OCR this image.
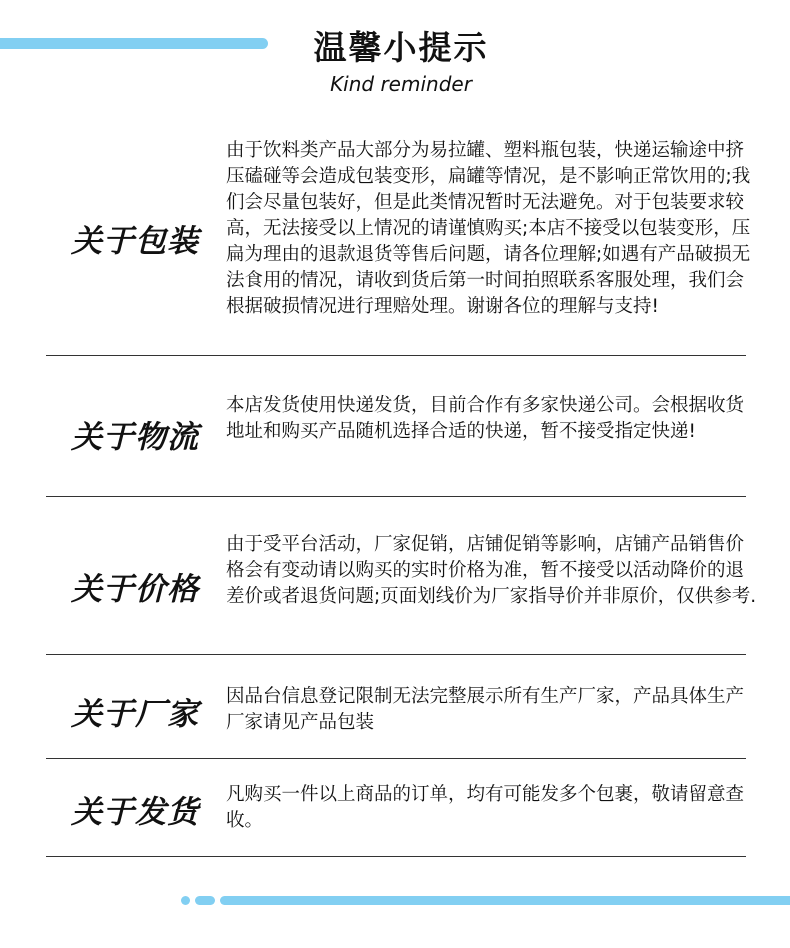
温馨小提示
Kind reminder
关于包装
由于饮料类产品大部分为易拉罐、塑料瓶包装，快递运输途中挤压磕碰等会造成包装变形，扁罐等情况，是不影响正常饮用的;我们会尽量包装好，但是此类情况暂时无法避免。对于包装要求较高，无法接受以上情况的请谨慎购买;本店不接受以包装变形，压扁为理由的退款退货等售后问题，请各位理解;如遇有产品破损无法食用的情况，请收到货后第一时间拍照联系客服处理，我们会根据破损情况进行理赔处理。谢谢各位的理解与支持!
关于物流
本店发货使用快递发货，目前合作有多家快递公司。会根据收货地址和购买产品随机选择合适的快递，暂不接受指定快递!
关于价格
由于受平台活动，厂家促销，店铺促销等影响，店铺产品销售价格会有变动请以购买的实时价格为准，暂不接受以活动降价的退差价或者退货问题;页面划线价为厂家指导价并非原价，仅供参考.
关于厂家	因品台信息登记限制无法完整展示所有生产厂家，产品具体生产厂家请见产品包装
关于发货	凡购买一件以上商品的订单，均有可能发多个包裹，敬请留意查收。
